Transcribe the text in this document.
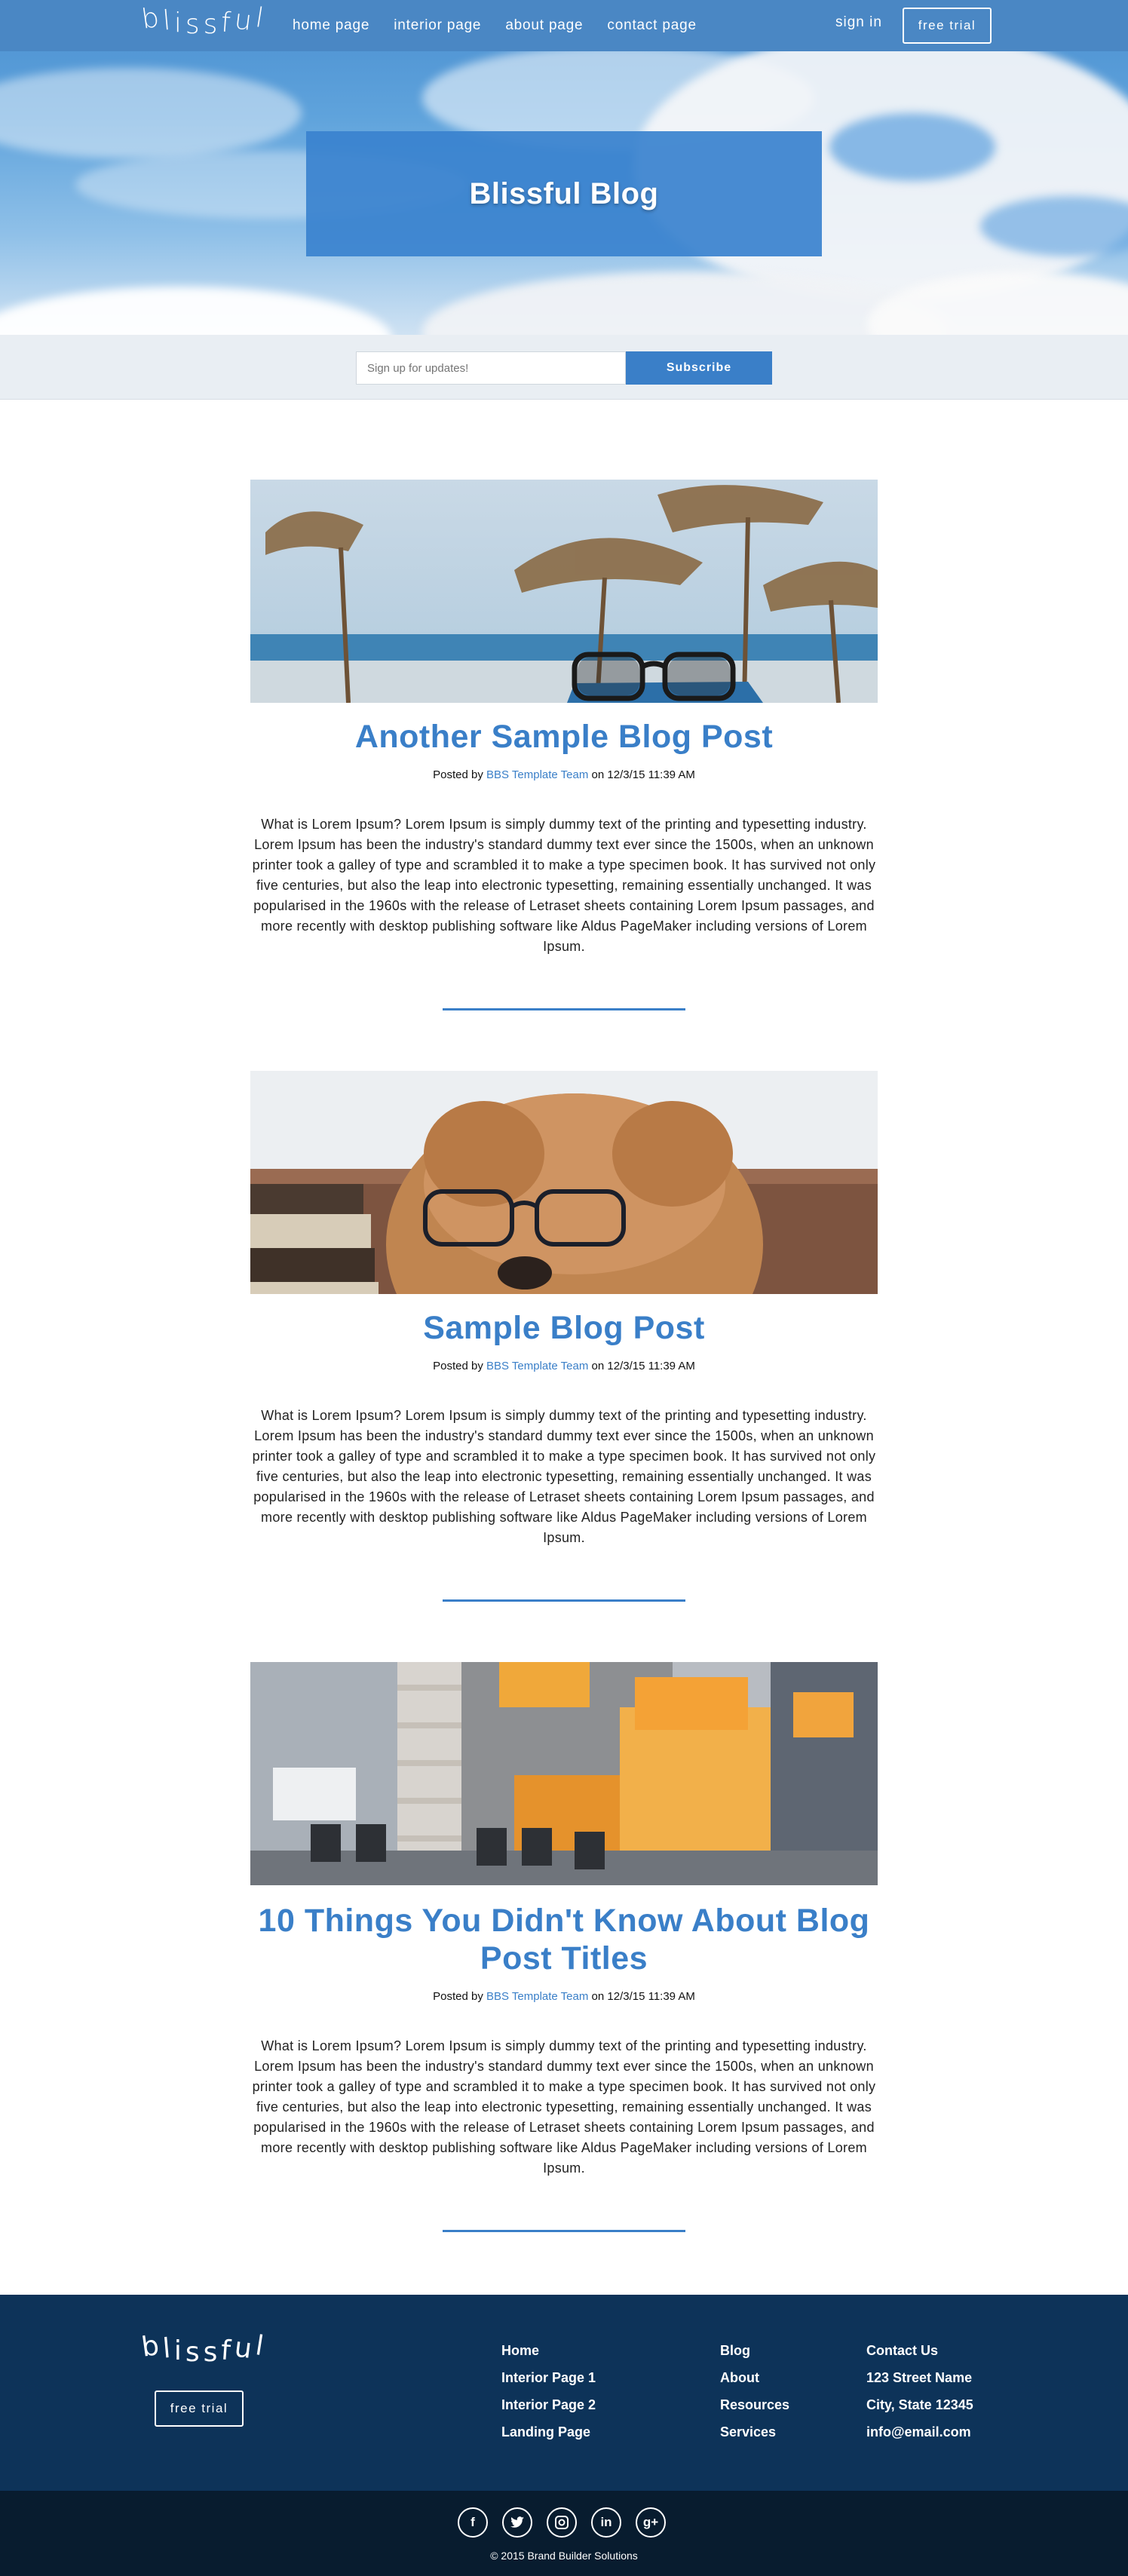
Blissful Blog
blissful home page interior page about page contact page	sign in	free trial
Sign up for updates!
Subscribe
Another Sample Blog Post
Posted by BBS Template Team on 12/3/15 11:39 AM
What is Lorem Ipsum? Lorem Ipsum is simply dummy text of the printing and typesetting industry. Lorem Ipsum has been the industry's standard dummy text ever since the 1500s, when an unknown printer took a galley of type and scrambled it to make a type specimen book. It has survived not only five centuries, but also the leap into electronic typesetting, remaining essentially unchanged. It was popularised in the 1960s with the release of Letraset sheets containing Lorem Ipsum passages, and more recently with desktop publishing software like Aldus PageMaker including versions of Lorem Ipsum.
Sample Blog Post
Posted by BBS Template Team on 12/3/15 11:39 AM
What is Lorem Ipsum? Lorem Ipsum is simply dummy text of the printing and typesetting industry. Lorem Ipsum has been the industry's standard dummy text ever since the 1500s, when an unknown printer took a galley of type and scrambled it to make a type specimen book. It has survived not only five centuries, but also the leap into electronic typesetting, remaining essentially unchanged. It was popularised in the 1960s with the release of Letraset sheets containing Lorem Ipsum passages, and more recently with desktop publishing software like Aldus PageMaker including versions of Lorem Ipsum.
10 Things You Didn't Know About Blog Post Titles
Posted by BBS Template Team on 12/3/15 11:39 AM
What is Lorem Ipsum? Lorem Ipsum is simply dummy text of the printing and typesetting industry. Lorem Ipsum has been the industry's standard dummy text ever since the 1500s, when an unknown printer took a galley of type and scrambled it to make a type specimen book. It has survived not only five centuries, but also the leap into electronic typesetting, remaining essentially unchanged. It was popularised in the 1960s with the release of Letraset sheets containing Lorem Ipsum passages, and more recently with desktop publishing software like Aldus PageMaker including versions of Lorem Ipsum.
blissful
free trial
Home
Interior Page 1
Interior Page 2
Landing Page
Blog
About
Resources
Services
Contact Us
123 Street Name
City, State 12345
info@email.com
f	in	g+
© 2015 Brand Builder Solutions
